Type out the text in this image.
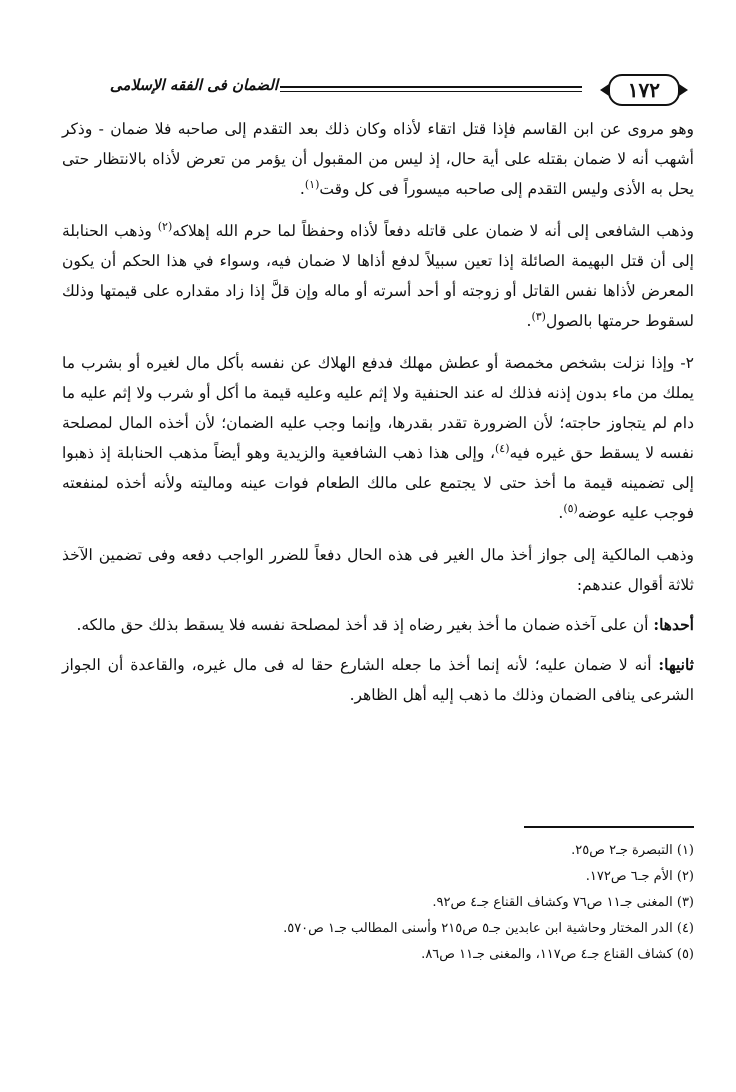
١٧٢
الضمان فى الفقه الإسلامى

وهو مروى عن ابن القاسم فإذا قتل اتقاء لأذاه وكان ذلك بعد التقدم إلى صاحبه فلا ضمان - وذكر أشهب أنه لا ضمان بقتله على أية حال، إذ ليس من المقبول أن يؤمر من تعرض لأذاه بالانتظار حتى يحل به الأذى وليس التقدم إلى صاحبه ميسوراً فى كل وقت$^{(١)}$.

وذهب الشافعى إلى أنه لا ضمان على قاتله دفعاً لأذاه وحفظاً لما حرم الله إهلاكه$^{(٢)}$ وذهب الحنابلة إلى أن قتل البهيمة الصائلة إذا تعين سبيلاً لدفع أذاها لا ضمان فيه، وسواء في هذا الحكم أن يكون المعرض لأذاها نفس القاتل أو زوجته أو أحد أسرته أو ماله وإن قلَّ إذا زاد مقداره على قيمتها وذلك لسقوط حرمتها بالصول$^{(٣)}$.

٢- وإذا نزلت بشخص مخمصة أو عطش مهلك فدفع الهلاك عن نفسه بأكل مال لغيره أو بشرب ما يملك من ماء بدون إذنه فذلك له عند الحنفية ولا إثم عليه وعليه قيمة ما أكل أو شرب ولا إثم عليه ما دام لم يتجاوز حاجته؛ لأن الضرورة تقدر بقدرها، وإنما وجب عليه الضمان؛ لأن أخذه المال لمصلحة نفسه لا يسقط حق غيره فيه$^{(٤)}$، وإلى هذا ذهب الشافعية والزيدية وهو أيضاً مذهب الحنابلة إذ ذهبوا إلى تضمينه قيمة ما أخذ حتى لا يجتمع على مالك الطعام فوات عينه وماليته ولأنه أخذه لمنفعته فوجب عليه عوضه$^{(٥)}$.

وذهب المالكية إلى جواز أخذ مال الغير فى هذه الحال دفعاً للضرر الواجب دفعه وفى تضمين الآخذ ثلاثة أقوال عندهم:

أحدها: أن على آخذه ضمان ما أخذ بغير رضاه إذ قد أخذ لمصلحة نفسه فلا يسقط بذلك حق مالكه.

ثانيها: أنه لا ضمان عليه؛ لأنه إنما أخذ ما جعله الشارع حقا له فى مال غيره، والقاعدة أن الجواز الشرعى ينافى الضمان وذلك ما ذهب إليه أهل الظاهر.

(١) التبصرة جـ٢ ص٢٥.
(٢) الأم جـ٦ ص١٧٢.
(٣) المغنى جـ١١ ص٧٦ وكشاف القناع جـ٤ ص٩٢.
(٤) الدر المختار وحاشية ابن عابدين جـ٥ ص٢١٥ وأسنى المطالب جـ١ ص٥٧٠.
(٥) كشاف القناع جـ٤ ص١١٧، والمغنى جـ١١ ص٨٦.
